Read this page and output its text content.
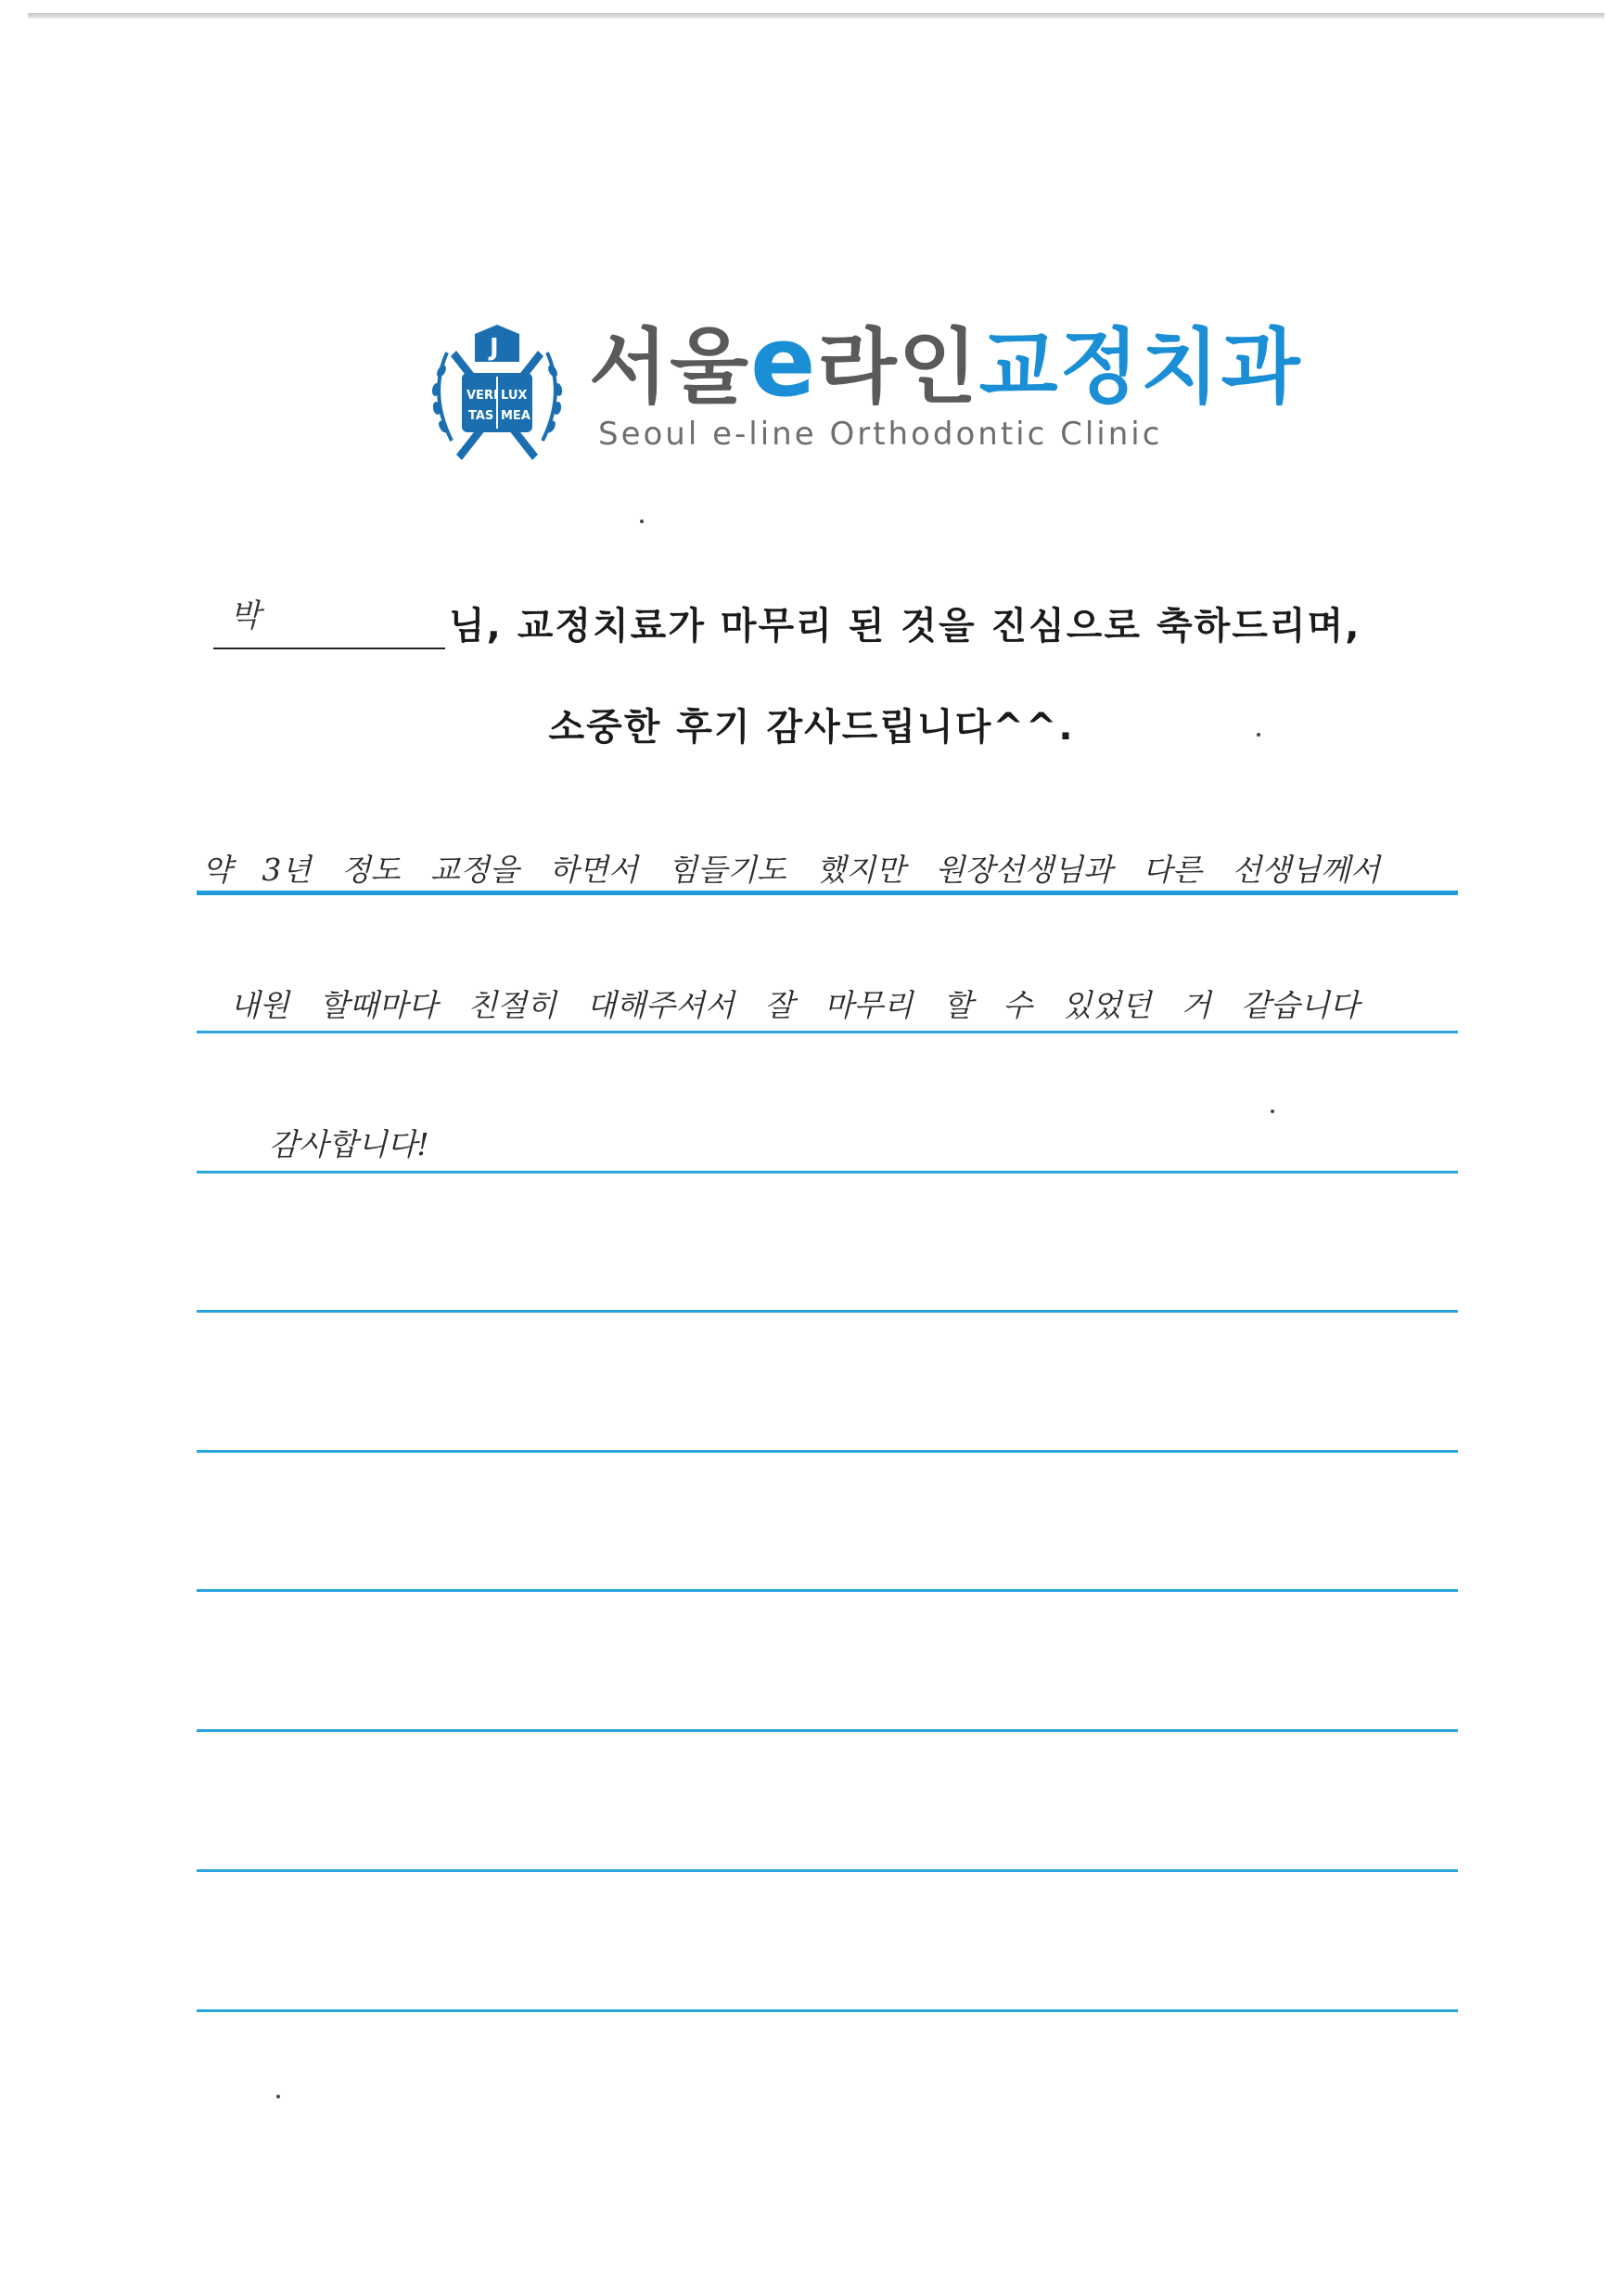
J
VERI LUX
TAS MEA
서울e라인교정치과
Seoul e-line Orthodontic Clinic
박	님, 교정치료가 마무리 된 것을 진심으로 축하드리며,
소중한 후기 감사드립니다^^.
약 3년 정도 교정을 하면서 힘들기도 했지만 원장선생님과 다른 선생님께서
내원 할때마다 친절히 대해주셔서 잘 마무리 할 수 있었던 거 같습니다
감사합니다!
